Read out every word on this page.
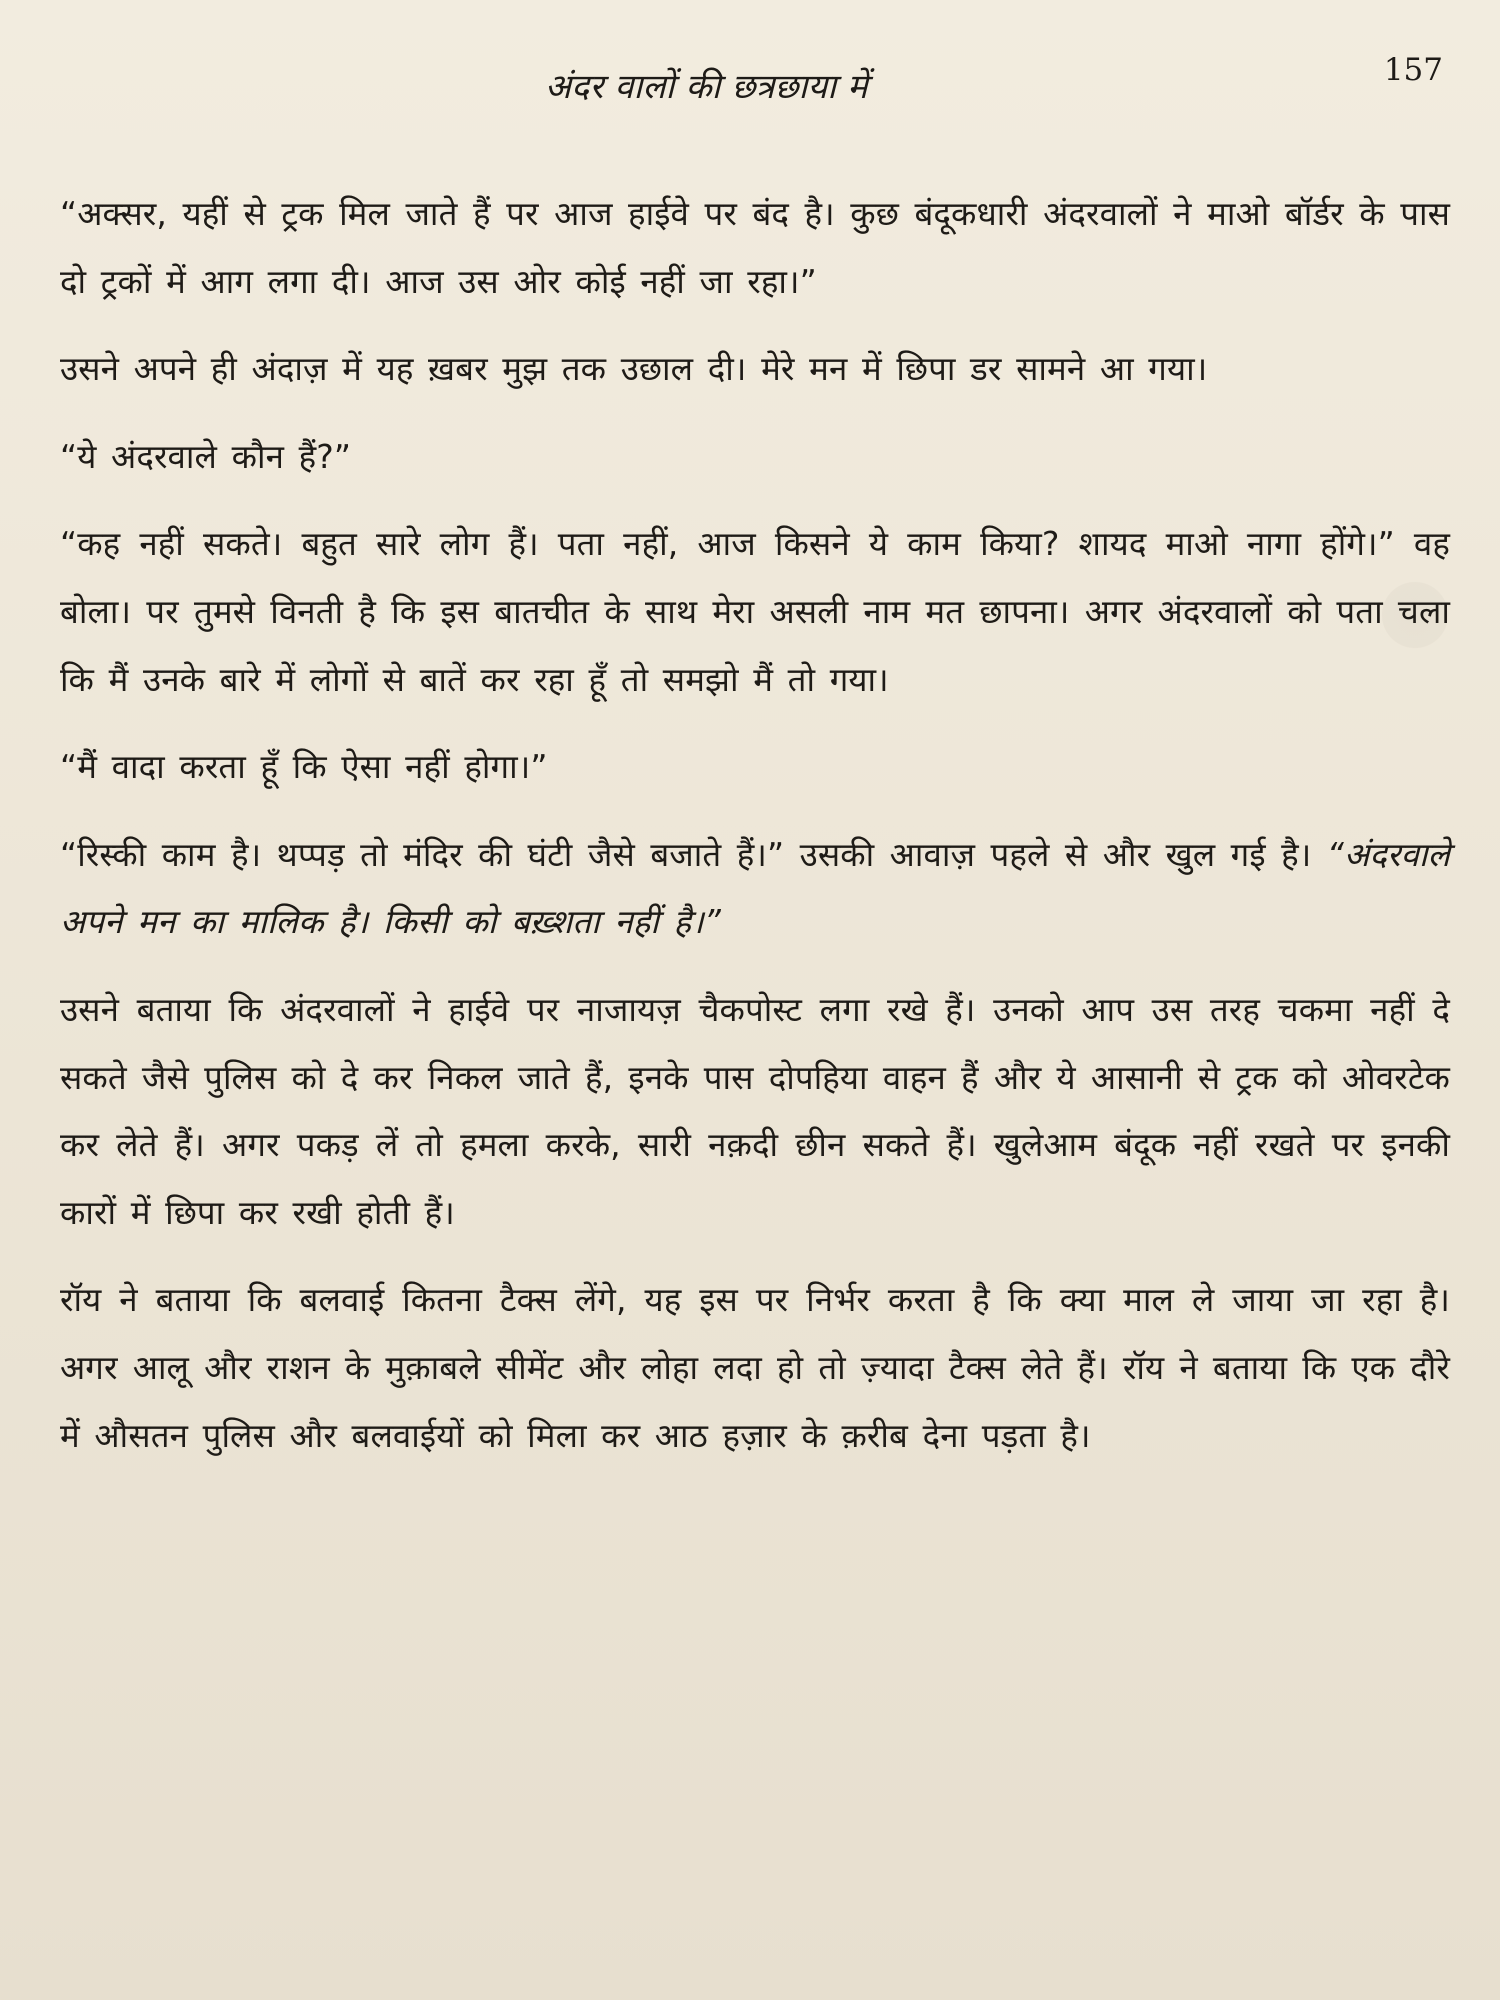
अंदर वालों की छत्रछाया में	157

“अक्सर, यहीं से ट्रक मिल जाते हैं पर आज हाईवे पर बंद है। कुछ बंदूकधारी अंदरवालों ने माओ बॉर्डर के पास दो ट्रकों में आग लगा दी। आज उस ओर कोई नहीं जा रहा।”

उसने अपने ही अंदाज़ में यह ख़बर मुझ तक उछाल दी। मेरे मन में छिपा डर सामने आ गया।

“ये अंदरवाले कौन हैं?”

“कह नहीं सकते। बहुत सारे लोग हैं। पता नहीं, आज किसने ये काम किया? शायद माओ नागा होंगे।” वह बोला। पर तुमसे विनती है कि इस बातचीत के साथ मेरा असली नाम मत छापना। अगर अंदरवालों को पता चला कि मैं उनके बारे में लोगों से बातें कर रहा हूँ तो समझो मैं तो गया।

“मैं वादा करता हूँ कि ऐसा नहीं होगा।”

“रिस्की काम है। थप्पड़ तो मंदिर की घंटी जैसे बजाते हैं।” उसकी आवाज़ पहले से और खुल गई है। “अंदरवाले अपने मन का मालिक है। किसी को बख़्शता नहीं है।”

उसने बताया कि अंदरवालों ने हाईवे पर नाजायज़ चैकपोस्ट लगा रखे हैं। उनको आप उस तरह चकमा नहीं दे सकते जैसे पुलिस को दे कर निकल जाते हैं, इनके पास दोपहिया वाहन हैं और ये आसानी से ट्रक को ओवरटेक कर लेते हैं। अगर पकड़ लें तो हमला करके, सारी नक़दी छीन सकते हैं। खुलेआम बंदूक नहीं रखते पर इनकी कारों में छिपा कर रखी होती हैं।

रॉय ने बताया कि बलवाई कितना टैक्स लेंगे, यह इस पर निर्भर करता है कि क्या माल ले जाया जा रहा है। अगर आलू और राशन के मुक़ाबले सीमेंट और लोहा लदा हो तो ज़्यादा टैक्स लेते हैं। रॉय ने बताया कि एक दौरे में औसतन पुलिस और बलवाईयों को मिला कर आठ हज़ार के क़रीब देना पड़ता है।
